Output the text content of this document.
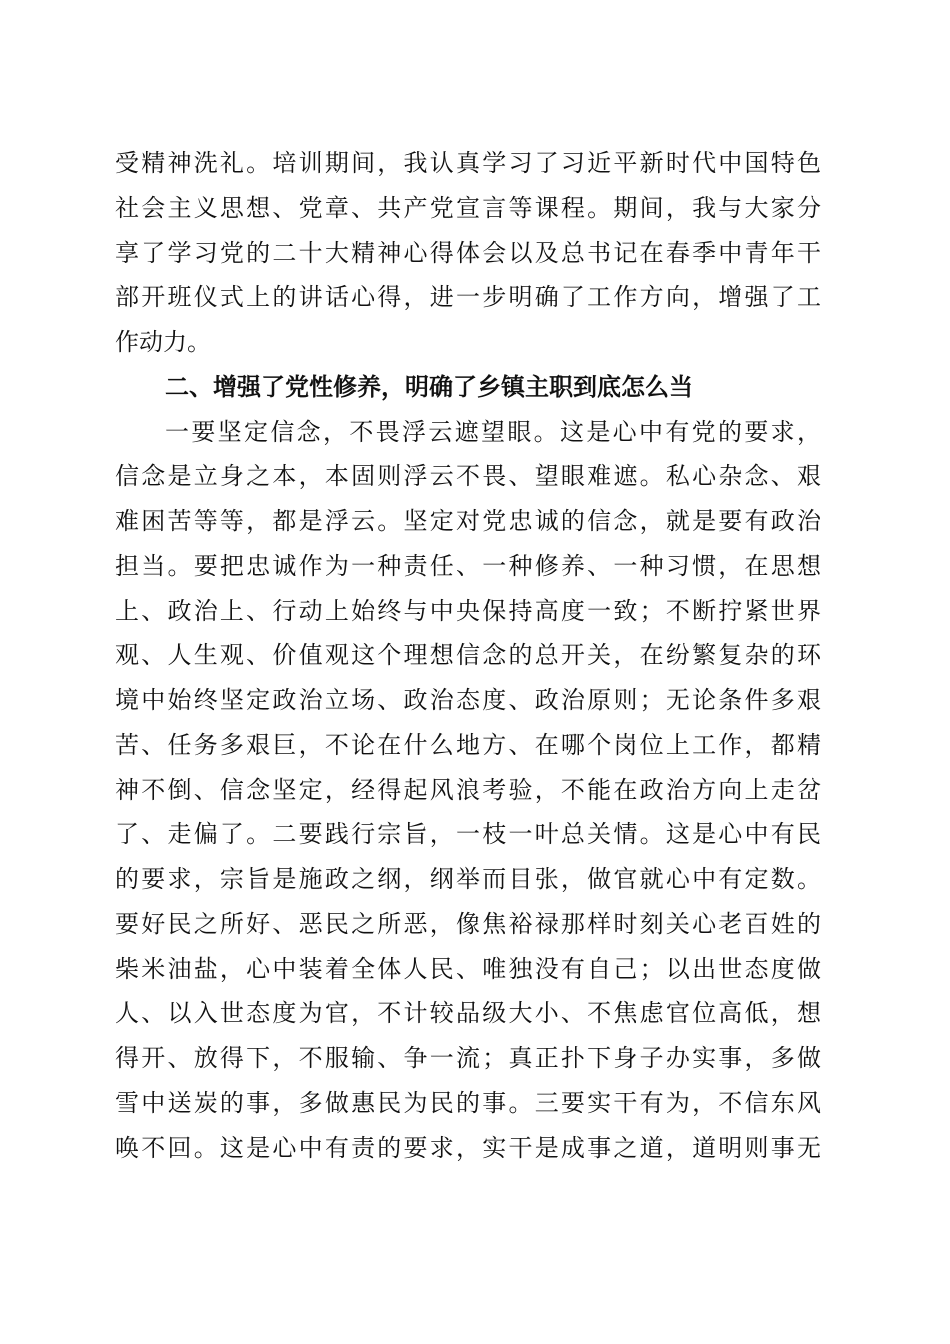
受精神洗礼。培训期间，我认真学习了习近平新时代中国特色
社会主义思想、党章、共产党宣言等课程。期间，我与大家分
享了学习党的二十大精神心得体会以及总书记在春季中青年干
部开班仪式上的讲话心得，进一步明确了工作方向，增强了工
作动力。
二、增强了党性修养，明确了乡镇主职到底怎么当
一要坚定信念，不畏浮云遮望眼。这是心中有党的要求，
信念是立身之本，本固则浮云不畏、望眼难遮。私心杂念、艰
难困苦等等，都是浮云。坚定对党忠诚的信念，就是要有政治
担当。要把忠诚作为一种责任、一种修养、一种习惯，在思想
上、政治上、行动上始终与中央保持高度一致；不断拧紧世界
观、人生观、价值观这个理想信念的总开关，在纷繁复杂的环
境中始终坚定政治立场、政治态度、政治原则；无论条件多艰
苦、任务多艰巨，不论在什么地方、在哪个岗位上工作，都精
神不倒、信念坚定，经得起风浪考验，不能在政治方向上走岔
了、走偏了。二要践行宗旨，一枝一叶总关情。这是心中有民
的要求，宗旨是施政之纲，纲举而目张，做官就心中有定数。
要好民之所好、恶民之所恶，像焦裕禄那样时刻关心老百姓的
柴米油盐，心中装着全体人民、唯独没有自己；以出世态度做
人、以入世态度为官，不计较品级大小、不焦虑官位高低，想
得开、放得下，不服输、争一流；真正扑下身子办实事，多做
雪中送炭的事，多做惠民为民的事。三要实干有为，不信东风
唤不回。这是心中有责的要求，实干是成事之道，道明则事无
